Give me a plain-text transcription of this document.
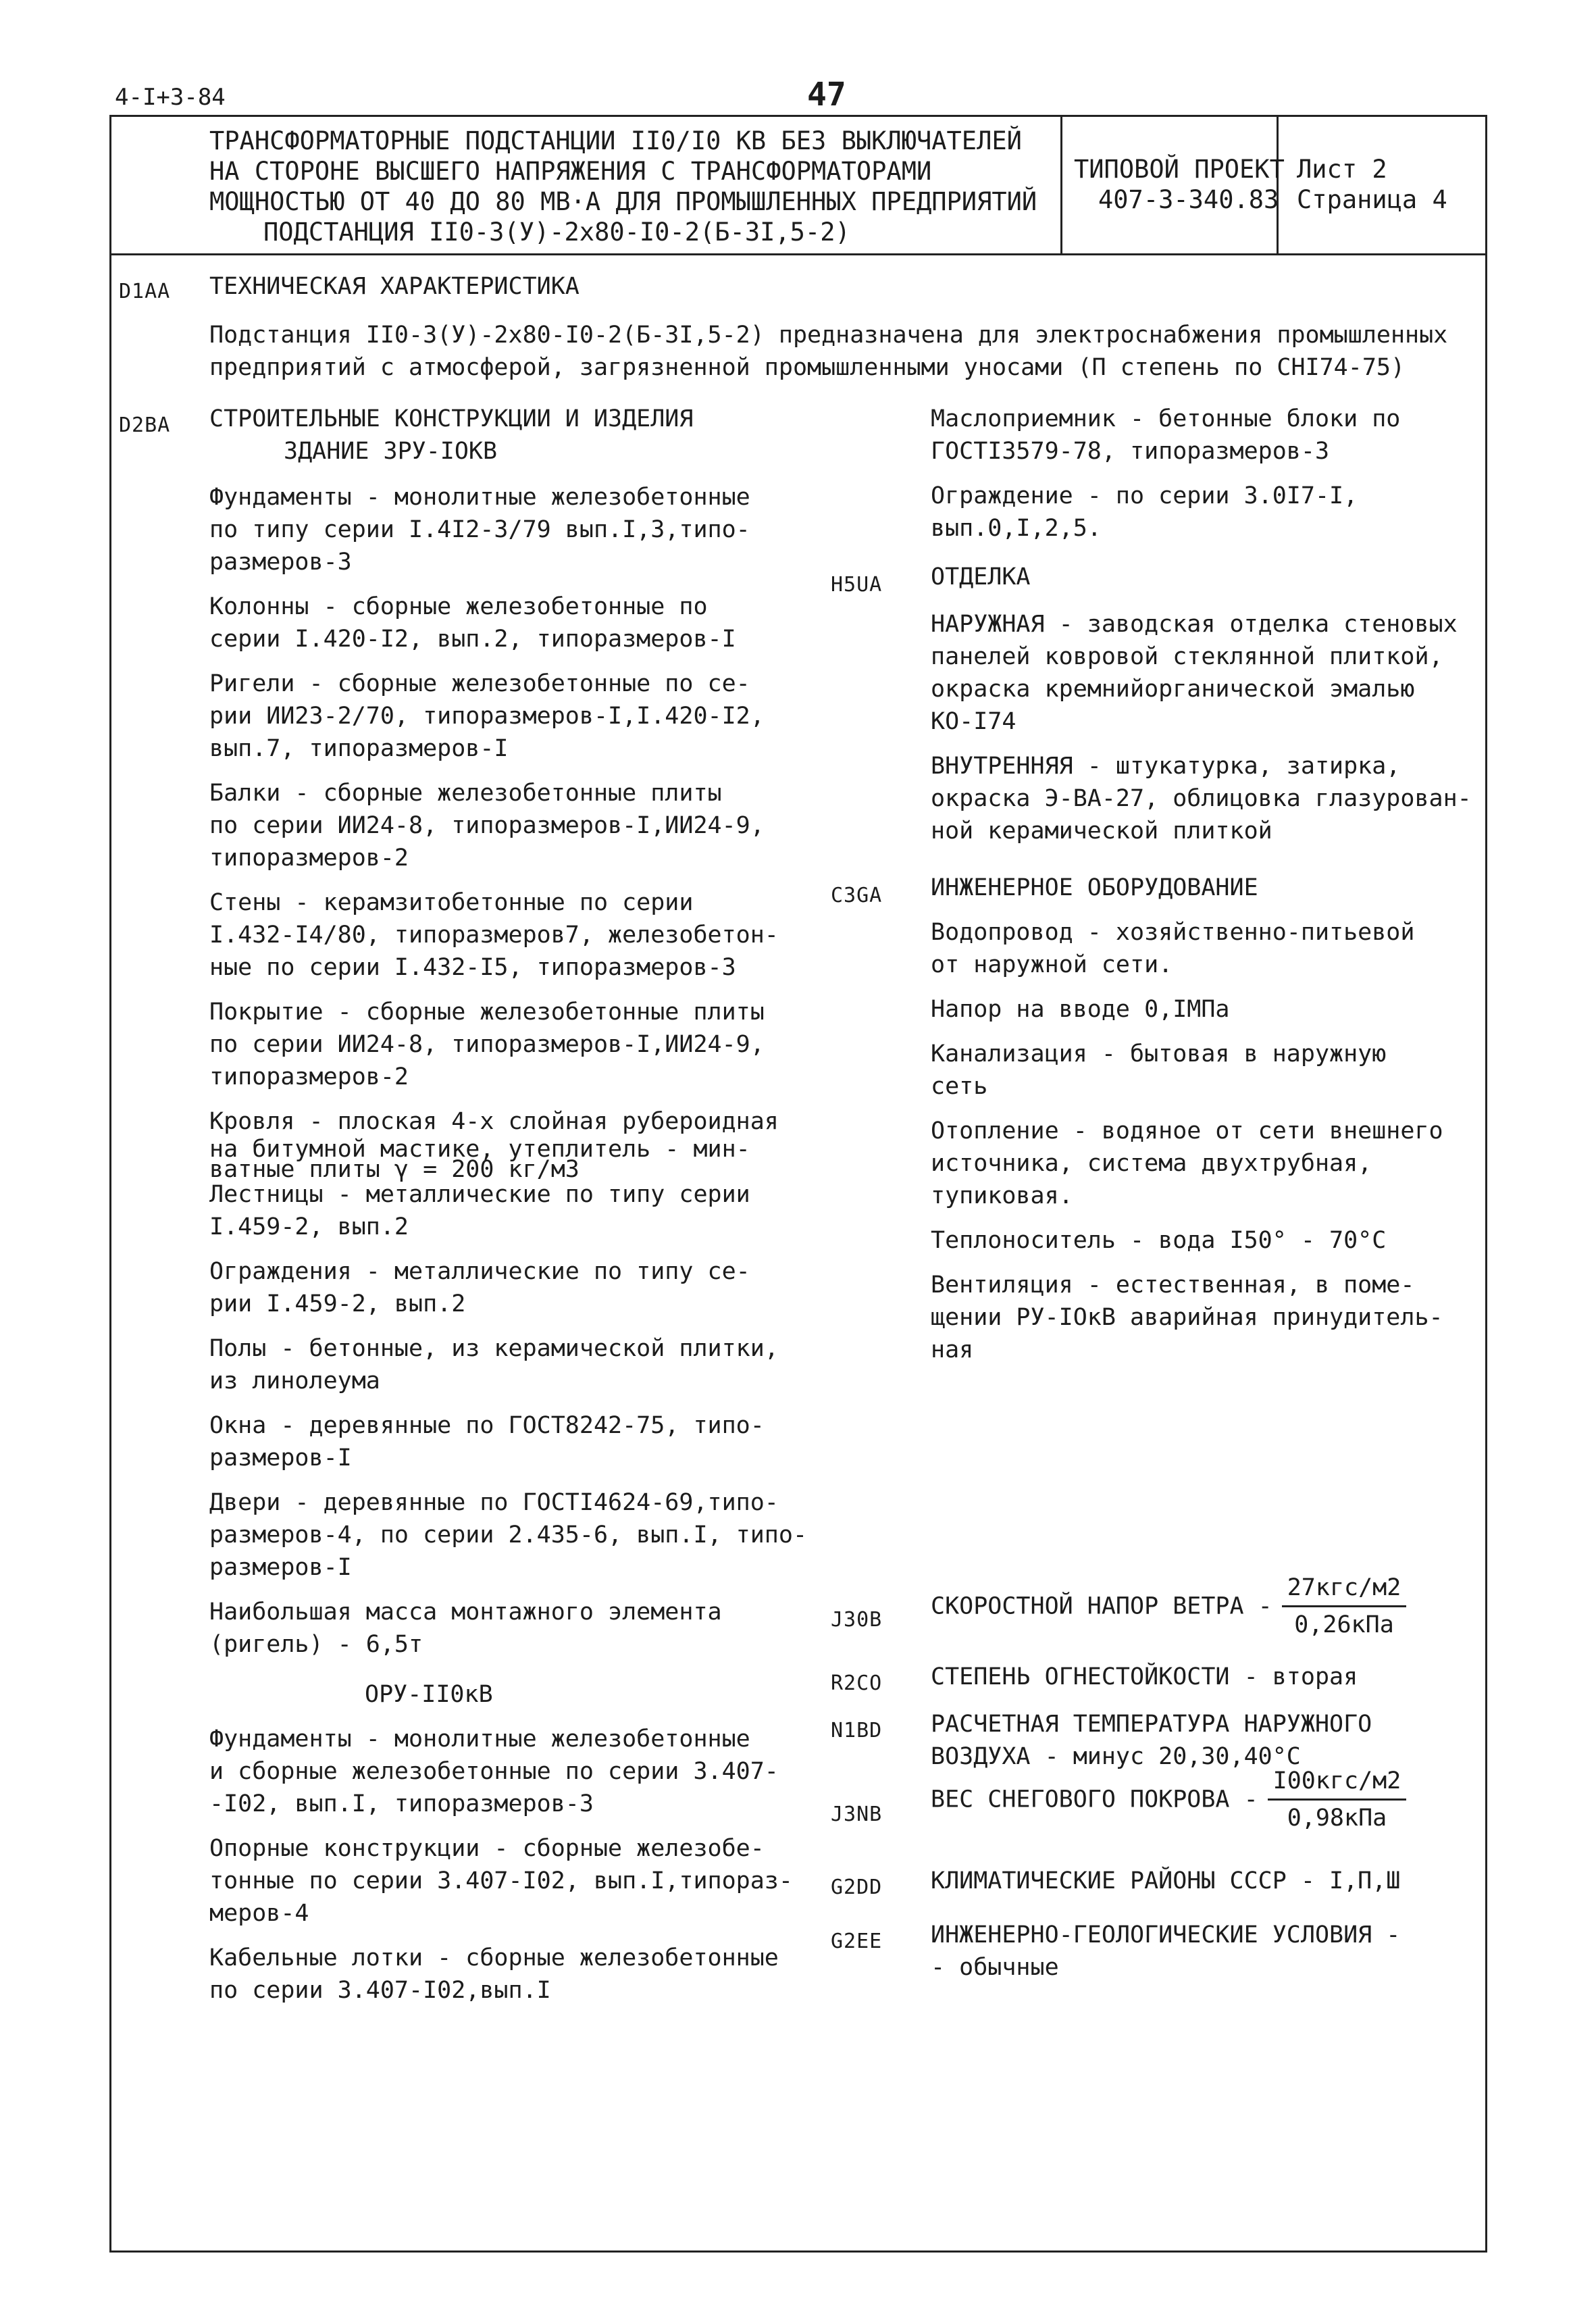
4-I+3-84	47
ТРАНСФОРМАТОРНЫЕ ПОДСТАНЦИИ II0/I0 КВ БЕЗ ВЫКЛЮЧАТЕЛЕЙ
НА СТОРОНЕ ВЫСШЕГО НАПРЯЖЕНИЯ С ТРАНСФОРМАТОРАМИ
МОЩНОСТЬЮ ОТ 40 ДО 80 МВ·А ДЛЯ ПРОМЫШЛЕННЫХ ПРЕДПРИЯТИЙ
ПОДСТАНЦИЯ II0-3(У)-2х80-I0-2(Б-3I,5-2)
ТИПОВОЙ ПРОЕКТ
407-3-340.83
Лист 2
Страница 4
D1AA ТЕХНИЧЕСКАЯ ХАРАКТЕРИСТИКА
Подстанция II0-3(У)-2х80-I0-2(Б-3I,5-2) предназначена для электроснабжения промышленных
предприятий с атмосферой, загрязненной промышленными уносами (П степень по СНI74-75)
D2BA СТРОИТЕЛЬНЫЕ КОНСТРУКЦИИ И ИЗДЕЛИЯ
ЗДАНИЕ ЗРУ-IОКВ
Фундаменты - монолитные железобетонные
по типу серии I.4I2-3/79 вып.I,3,типо-
размеров-3
Колонны - сборные железобетонные по
серии I.420-I2, вып.2, типоразмеров-I
Ригели - сборные железобетонные по се-
рии ИИ23-2/70, типоразмеров-I,I.420-I2,
вып.7, типоразмеров-I
Балки - сборные железобетонные плиты
по серии ИИ24-8, типоразмеров-I,ИИ24-9,
типоразмеров-2
Стены - керамзитобетонные по серии
I.432-I4/80, типоразмеров7, железобетон-
ные по серии I.432-I5, типоразмеров-3
Покрытие - сборные железобетонные плиты
по серии ИИ24-8, типоразмеров-I,ИИ24-9,
типоразмеров-2
Кровля - плоская 4-х слойная рубероидная
на битумной мастике, утеплитель - мин-
ватные плиты γ = 200 кг/м3
Лестницы - металлические по типу серии
I.459-2, вып.2
Ограждения - металлические по типу се-
рии I.459-2, вып.2
Полы - бетонные, из керамической плитки,
из линолеума
Окна - деревянные по ГОСТ8242-75, типо-
размеров-I
Двери - деревянные по ГОСТI4624-69,типо-
размеров-4, по серии 2.435-6, вып.I, типо-
размеров-I
Наибольшая масса монтажного элемента
(ригель) - 6,5т
ОРУ-II0кВ
Фундаменты - монолитные железобетонные
и сборные железобетонные по серии 3.407-
-I02, вып.I, типоразмеров-3
Опорные конструкции - сборные железобе-
тонные по серии 3.407-I02, вып.I,типораз-
меров-4
Кабельные лотки - сборные железобетонные
по серии 3.407-I02,вып.I
Маслоприемник - бетонные блоки по
ГОСТI3579-78, типоразмеров-3
Ограждение - по серии 3.0I7-I,
вып.0,I,2,5.
H5UA ОТДЕЛКА
НАРУЖНАЯ - заводская отделка стеновых
панелей ковровой стеклянной плиткой,
окраска кремнийорганической эмалью
КО-I74
ВНУТРЕННЯЯ - штукатурка, затирка,
окраска Э-ВА-27, облицовка глазурован-
ной керамической плиткой
C3GA ИНЖЕНЕРНОЕ ОБОРУДОВАНИЕ
Водопровод - хозяйственно-питьевой
от наружной сети.
Напор на вводе 0,IМПа
Канализация - бытовая в наружную
сеть
Отопление - водяное от сети внешнего
источника, система двухтрубная,
тупиковая.
Теплоноситель - вода I50° - 70°С
Вентиляция - естественная, в поме-
щении РУ-IОкВ аварийная принудитель-
ная
J30B СКОРОСТНОЙ НАПОР ВЕТРА - $\frac{\text{27кгс/м2}}{\text{0,26кПа}}$
R2CO СТЕПЕНЬ ОГНЕСТОЙКОСТИ - вторая
N1BD РАСЧЕТНАЯ ТЕМПЕРАТУРА НАРУЖНОГО
ВОЗДУХА - минус 20,30,40°С
J3NB
ВЕС СНЕГОВОГО ПОКРОВА - $\frac{\text{I00кгс/м2}}{\text{0,98кПа}}$
G2DD КЛИМАТИЧЕСКИЕ РАЙОНЫ СССР - I,П,Ш
G2EE ИНЖЕНЕРНО-ГЕОЛОГИЧЕСКИЕ УСЛОВИЯ -
- обычные
